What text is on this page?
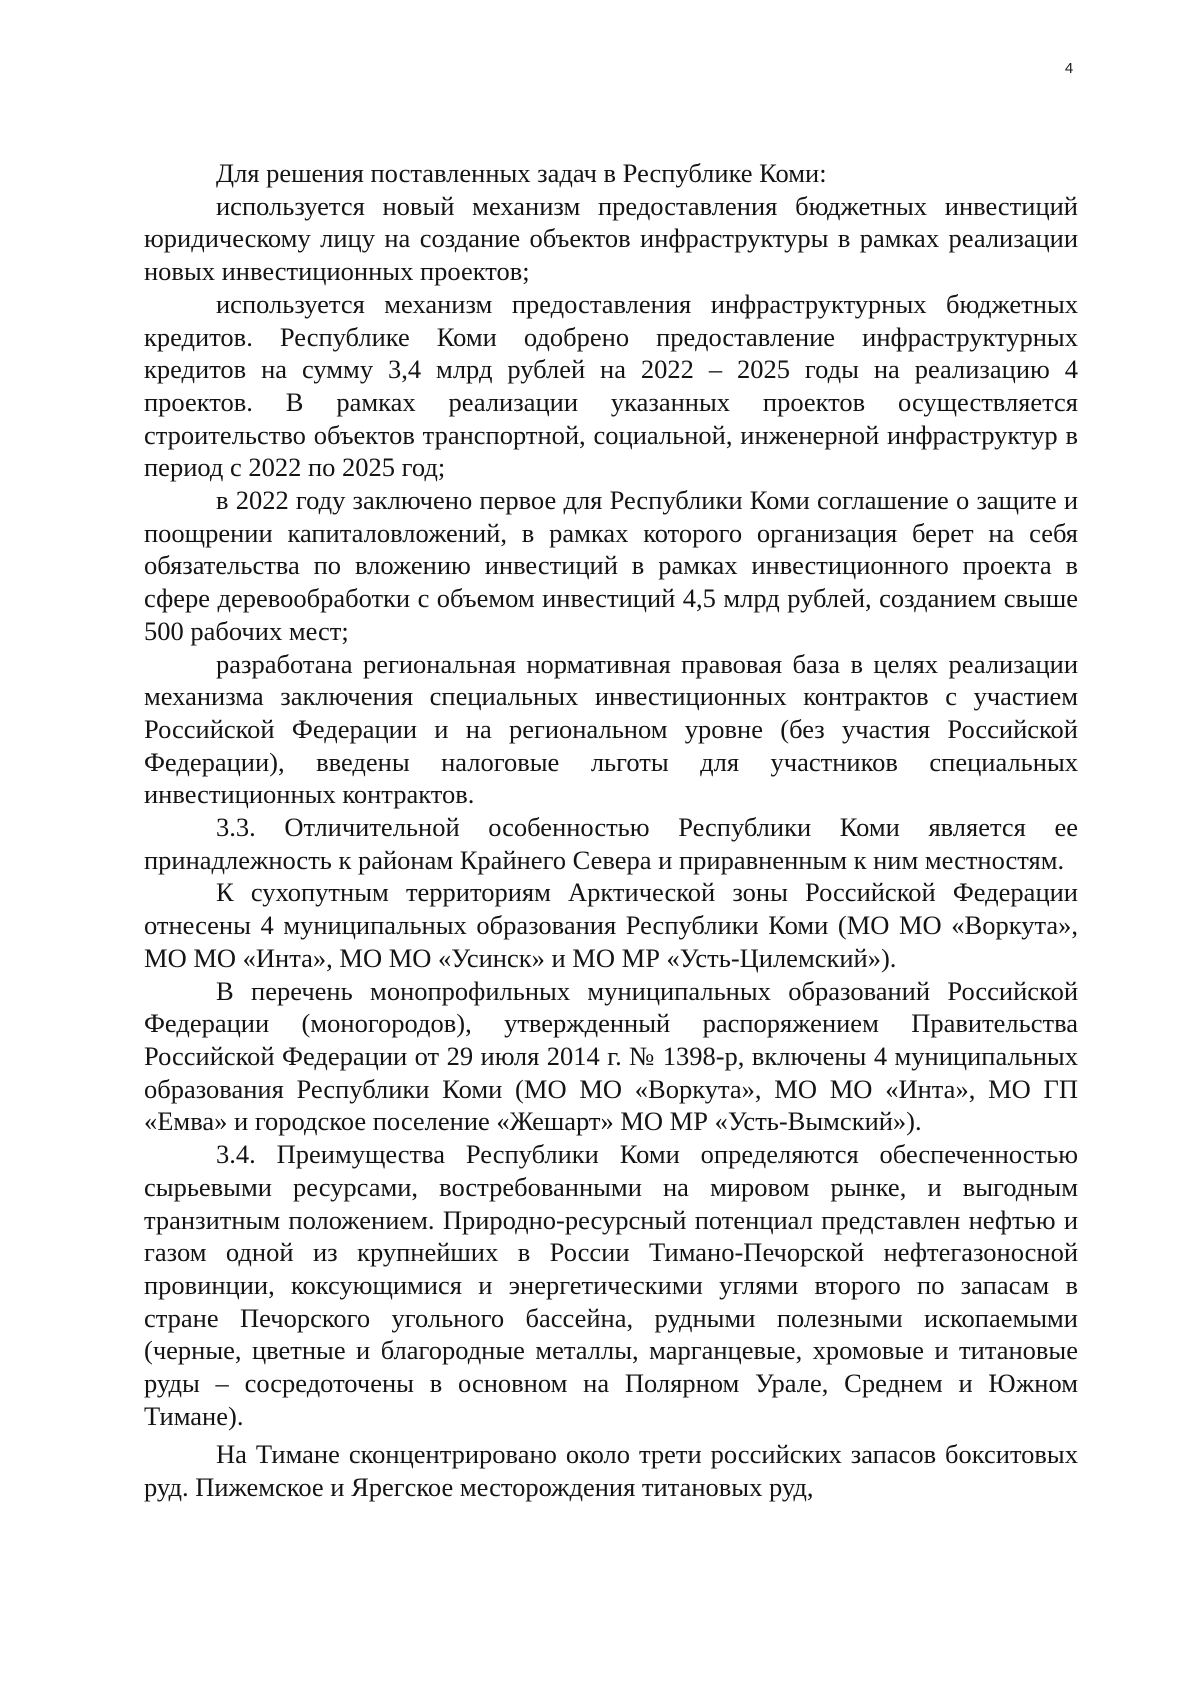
4

Для решения поставленных задач в Республике Коми:

используется новый механизм предоставления бюджетных инвестиций юридическому лицу на создание объектов инфраструктуры в рамках реализации новых инвестиционных проектов;

используется механизм предоставления инфраструктурных бюджетных кредитов. Республике Коми одобрено предоставление инфраструктурных кредитов на сумму 3,4 млрд рублей на 2022 – 2025 годы на реализацию 4 проектов. В рамках реализации указанных проектов осуществляется строительство объектов транспортной, социальной, инженерной инфраструктур в период с 2022 по 2025 год;

в 2022 году заключено первое для Республики Коми соглашение о защите и поощрении капиталовложений, в рамках которого организация берет на себя обязательства по вложению инвестиций в рамках инвестиционного проекта в сфере деревообработки с объемом инвестиций 4,5 млрд рублей, созданием свыше 500 рабочих мест;

разработана региональная нормативная правовая база в целях реализации механизма заключения специальных инвестиционных контрактов с участием Российской Федерации и на региональном уровне (без участия Российской Федерации), введены налоговые льготы для участников специальных инвестиционных контрактов.

3.3. Отличительной особенностью Республики Коми является ее принадлежность к районам Крайнего Севера и приравненным к ним местностям.

К сухопутным территориям Арктической зоны Российской Федерации отнесены 4 муниципальных образования Республики Коми (МО МО «Воркута», МО МО «Инта», МО МО «Усинск» и МО МР «Усть-Цилемский»).

В перечень монопрофильных муниципальных образований Российской Федерации (моногородов), утвержденный распоряжением Правительства Российской Федерации от 29 июля 2014 г. № 1398-р, включены 4 муниципальных образования Республики Коми (МО МО «Воркута», МО МО «Инта», МО ГП «Емва» и городское поселение «Жешарт» МО МР «Усть-Вымский»).

3.4. Преимущества Республики Коми определяются обеспеченностью сырьевыми ресурсами, востребованными на мировом рынке, и выгодным транзитным положением. Природно-ресурсный потенциал представлен нефтью и газом одной из крупнейших в России Тимано-Печорской нефтегазоносной провинции, коксующимися и энергетическими углями второго по запасам в стране Печорского угольного бассейна, рудными полезными ископаемыми (черные, цветные и благородные металлы, марганцевые, хромовые и титановые руды – сосредоточены в основном на Полярном Урале, Среднем и Южном Тимане).

На Тимане сконцентрировано около трети российских запасов бокситовых руд. Пижемское и Ярегское месторождения титановых руд,
